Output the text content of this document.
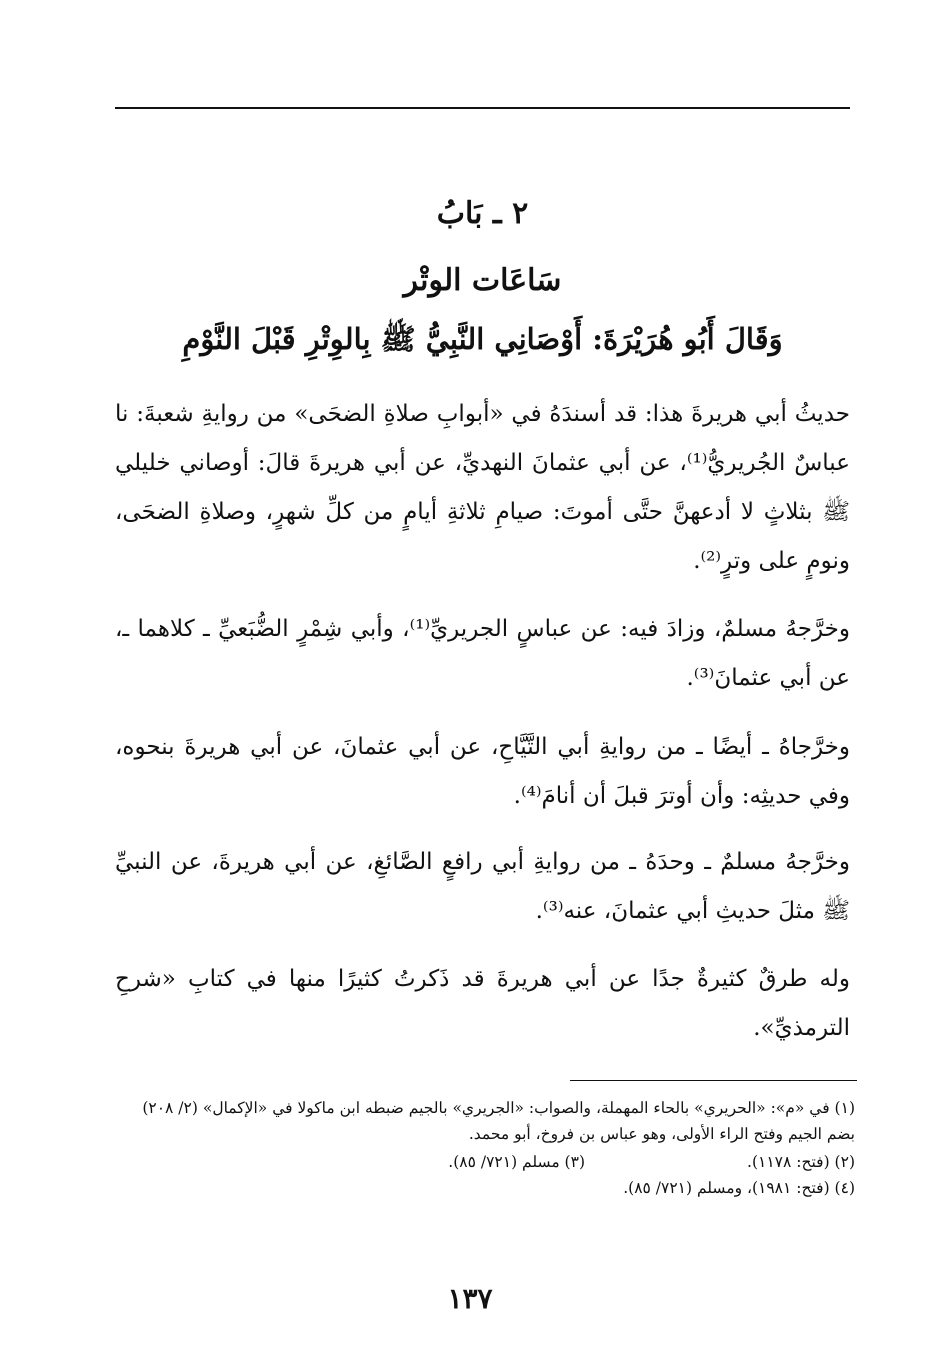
٢ ـ بَابُ
سَاعَات الوتْر
وَقَالَ أَبُو هُرَيْرَةَ: أَوْصَانِي النَّبِيُّ ﷺ بِالوِتْرِ قَبْلَ النَّوْمِ

حديثُ أبي هريرةَ هذا: قد أسندَهُ في «أبوابِ صلاةِ الضحَى» من روايةِ شعبةَ: نا عباسٌ الجُريريُّ⁽¹⁾، عن أبي عثمانَ النهديِّ، عن أبي هريرةَ قالَ: أوصاني خليلي ﷺ بثلاثٍ لا أدعهنَّ حتَّى أموتَ: صيامِ ثلاثةِ أيامٍ من كلِّ شهرٍ، وصلاةِ الضحَى، ونومٍ على وترٍ⁽²⁾.

وخرَّجهُ مسلمٌ، وزادَ فيه: عن عباسٍ الجريريِّ⁽¹⁾، وأبي شِمْرٍ الضُّبَعيِّ ـ كلاهما ـ، عن أبي عثمانَ⁽³⁾.

وخرَّجاهُ ـ أيضًا ـ من روايةِ أبي التَّيَّاحِ، عن أبي عثمانَ، عن أبي هريرةَ بنحوه، وفي حديثِه: وأن أوترَ قبلَ أن أنامَ⁽⁴⁾.

وخرَّجهُ مسلمٌ ـ وحدَهُ ـ من روايةِ أبي رافعٍ الصَّائغِ، عن أبي هريرةَ، عن النبيِّ ﷺ مثلَ حديثِ أبي عثمانَ، عنه⁽³⁾.

وله طرقٌ كثيرةٌ جدًا عن أبي هريرةَ قد ذَكرتُ كثيرًا منها في كتابِ «شرحِ الترمذيِّ».

(١) في «م»: «الحريري» بالحاء المهملة، والصواب: «الجريري» بالجيم ضبطه ابن ماكولا في «الإكمال» (٢/ ٢٠٨) بضم الجيم وفتح الراء الأولى، وهو عباس بن فروخ، أبو محمد.

(٢) (فتح: ١١٧٨).
(٣) مسلم (٧٢١/ ٨٥).

(٤) (فتح: ١٩٨١)، ومسلم (٧٢١/ ٨٥).

١٣٧
